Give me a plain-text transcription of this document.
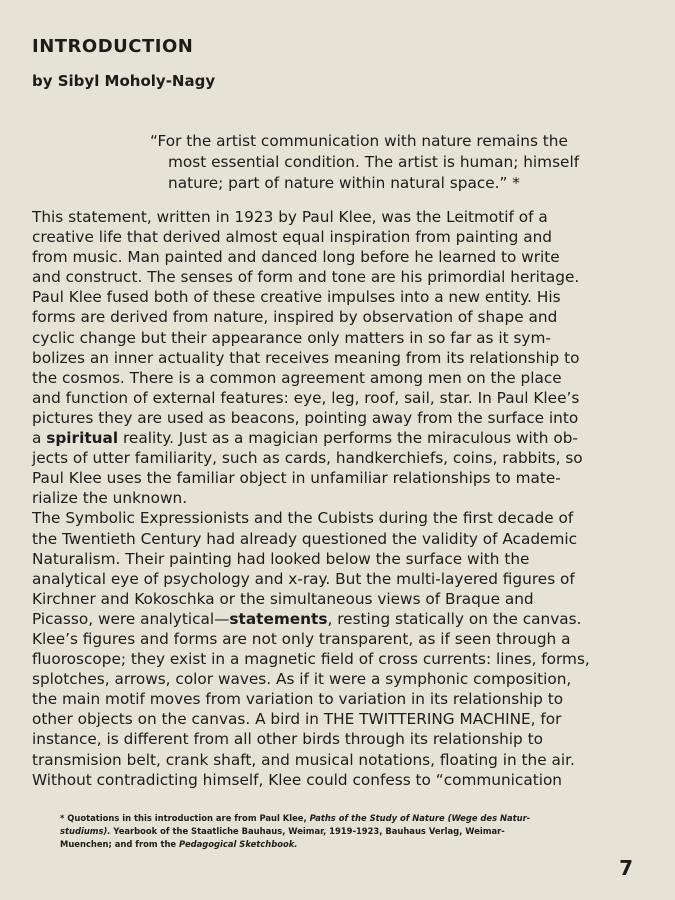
INTRODUCTION
by Sibyl Moholy-Nagy
“For the artist communication with nature remains the
most essential condition. The artist is human; himself
nature; part of nature within natural space.” *
This statement, written in 1923 by Paul Klee, was the Leitmotif of a
creative life that derived almost equal inspiration from painting and
from music. Man painted and danced long before he learned to write
and construct. The senses of form and tone are his primordial heritage.
Paul Klee fused both of these creative impulses into a new entity. His
forms are derived from nature, inspired by observation of shape and
cyclic change but their appearance only matters in so far as it sym-
bolizes an inner actuality that receives meaning from its relationship to
the cosmos. There is a common agreement among men on the place
and function of external features: eye, leg, roof, sail, star. In Paul Klee’s
pictures they are used as beacons, pointing away from the surface into
a spiritual reality. Just as a magician performs the miraculous with ob-
jects of utter familiarity, such as cards, handkerchiefs, coins, rabbits, so
Paul Klee uses the familiar object in unfamiliar relationships to mate-
rialize the unknown.
The Symbolic Expressionists and the Cubists during the first decade of
the Twentieth Century had already questioned the validity of Academic
Naturalism. Their painting had looked below the surface with the
analytical eye of psychology and x-ray. But the multi-layered figures of
Kirchner and Kokoschka or the simultaneous views of Braque and
Picasso, were analytical—statements, resting statically on the canvas.
Klee’s figures and forms are not only transparent, as if seen through a
fluoroscope; they exist in a magnetic field of cross currents: lines, forms,
splotches, arrows, color waves. As if it were a symphonic composition,
the main motif moves from variation to variation in its relationship to
other objects on the canvas. A bird in THE TWITTERING MACHINE, for
instance, is different from all other birds through its relationship to
transmision belt, crank shaft, and musical notations, floating in the air.
Without contradicting himself, Klee could confess to “communication
* Quotations in this introduction are from Paul Klee, Paths of the Study of Nature (Wege des Natur-
studiums). Yearbook of the Staatliche Bauhaus, Weimar, 1919-1923, Bauhaus Verlag, Weimar-
Muenchen; and from the Pedagogical Sketchbook.
7
